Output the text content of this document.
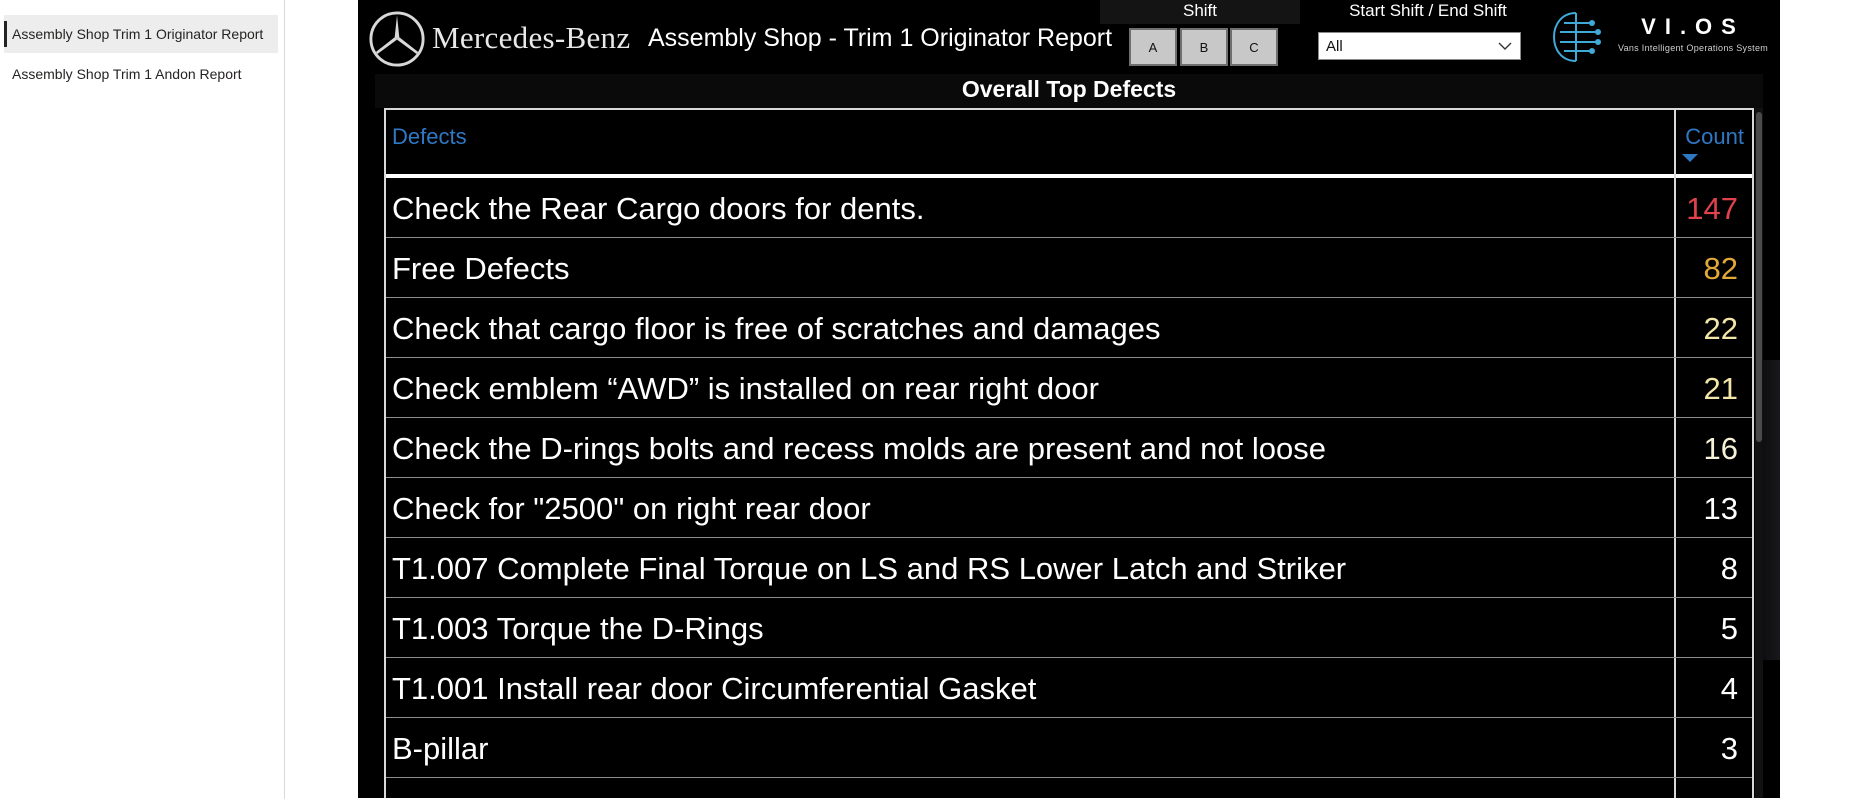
Assembly Shop Trim 1 Originator Report
Assembly Shop Trim 1 Andon Report
Mercedes-Benz Assembly Shop - Trim 1 Originator Report
Shift
A	B	C
Start Shift / End Shift
All
VI.OS
Vans Intelligent Operations System
Overall Top Defects
Defects	Count
Check the Rear Cargo doors for dents.	147
Free Defects	82
Check that cargo floor is free of scratches and damages	22
Check emblem “AWD” is installed on rear right door	21
Check the D-rings bolts and recess molds are present and not loose	16
Check for "2500" on right rear door	13
T1.007 Complete Final Torque on LS and RS Lower Latch and Striker	8
T1.003 Torque the D-Rings	5
T1.001 Install rear door Circumferential Gasket	4
B-pillar	3
